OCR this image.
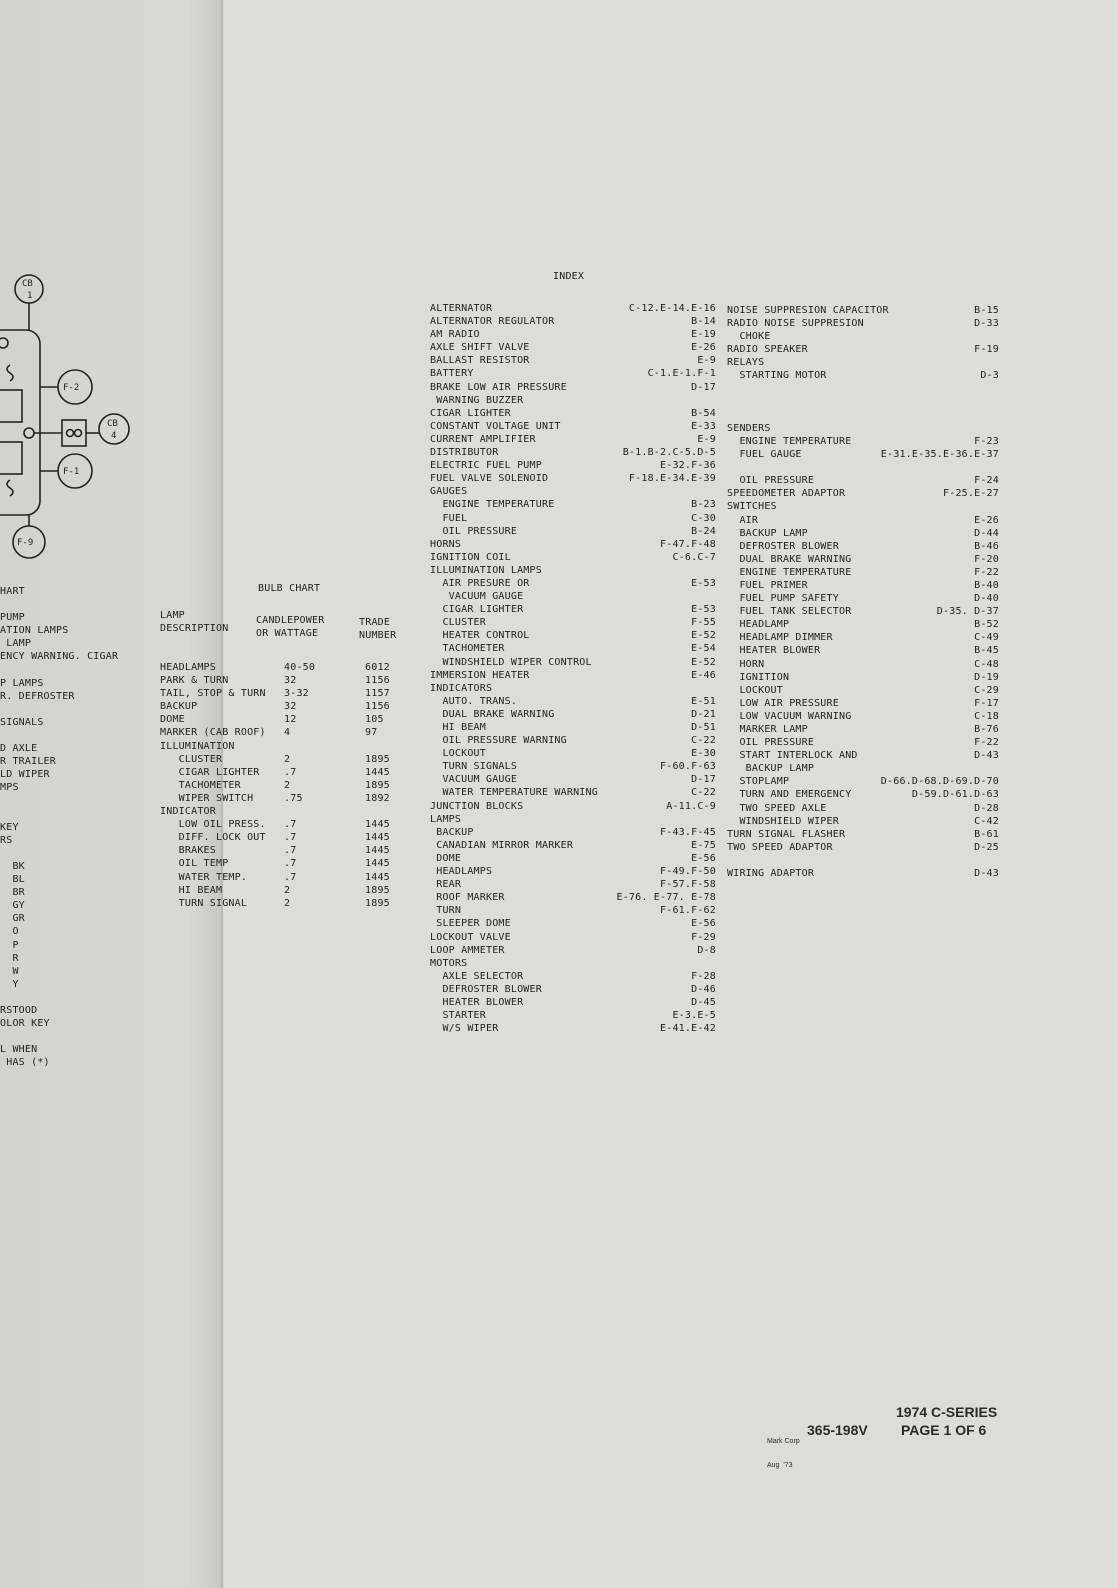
CB
1
CB
4
F-2
F-1
F-9
HART
PUMP
ATION LAMPS
LAMP
ENCY WARNING. CIGAR
P LAMPS
R. DEFROSTER
SIGNALS
D AXLE
R TRAILER
LD WIPER
MPS
KEY
RS
BK
BL
BR
GY
GR
O
P
R
W
Y
RSTOOD
OLOR KEY
L WHEN
HAS (*)
BULB CHART
LAMP
DESCRIPTION
CANDLEPOWER
OR WATTAGE
TRADE
NUMBER
HEADLAMPS	40-50	6012
PARK & TURN	32	1156
TAIL, STOP & TURN 3-32	1157
BACKUP	32	1156
DOME	12	105
MARKER (CAB ROOF) 4	97
ILLUMINATION
CLUSTER	2	1895
CIGAR LIGHTER .7	1445
TACHOMETER	2	1895
WIPER SWITCH	.75	1892
INDICATOR
LOW OIL PRESS. .7	1445
DIFF. LOCK OUT .7	1445
BRAKES	.7	1445
OIL TEMP	.7	1445
WATER TEMP.	.7	1445
HI BEAM	2	1895
TURN SIGNAL	2	1895
INDEX
ALTERNATOR	C-12.E-14.E-16
ALTERNATOR REGULATOR	B-14
AM RADIO	E-19
AXLE SHIFT VALVE	E-26
BALLAST RESISTOR	E-9
BATTERY	C-1.E-1.F-1
BRAKE LOW AIR PRESSURE	D-17
WARNING BUZZER
CIGAR LIGHTER	B-54
CONSTANT VOLTAGE UNIT	E-33
CURRENT AMPLIFIER	E-9
DISTRIBUTOR	B-1.B-2.C-5.D-5
ELECTRIC FUEL PUMP	E-32.F-36
FUEL VALVE SOLENOID	F-18.E-34.E-39
GAUGES
ENGINE TEMPERATURE	B-23
FUEL	C-30
OIL PRESSURE	B-24
HORNS	F-47.F-48
IGNITION COIL	C-6.C-7
ILLUMINATION LAMPS
AIR PRESURE OR	E-53
VACUUM GAUGE
CIGAR LIGHTER	E-53
CLUSTER	F-55
HEATER CONTROL	E-52
TACHOMETER	E-54
WINDSHIELD WIPER CONTROL	E-52
IMMERSION HEATER	E-46
INDICATORS
AUTO. TRANS.	E-51
DUAL BRAKE WARNING	D-21
HI BEAM	D-51
OIL PRESSURE WARNING	C-22
LOCKOUT	E-30
TURN SIGNALS	F-60.F-63
VACUUM GAUGE	D-17
WATER TEMPERATURE WARNING	C-22
JUNCTION BLOCKS	A-11.C-9
LAMPS
BACKUP	F-43.F-45
CANADIAN MIRROR MARKER	E-75
DOME	E-56
HEADLAMPS	F-49.F-50
REAR	F-57.F-58
ROOF MARKER	E-76. E-77. E-78
TURN	F-61.F-62
SLEEPER DOME	E-56
LOCKOUT VALVE	F-29
LOOP AMMETER	D-8
MOTORS
AXLE SELECTOR	F-28
DEFROSTER BLOWER	D-46
HEATER BLOWER	D-45
STARTER	E-3.E-5
W/S WIPER	E-41.E-42
NOISE SUPPRESION CAPACITOR	B-15
RADIO NOISE SUPPRESION	D-33
CHOKE
RADIO SPEAKER	F-19
RELAYS
STARTING MOTOR	D-3
SENDERS
ENGINE TEMPERATURE	F-23
FUEL GAUGE	E-31.E-35.E-36.E-37
OIL PRESSURE	F-24
SPEEDOMETER ADAPTOR	F-25.E-27
SWITCHES
AIR	E-26
BACKUP LAMP	D-44
DEFROSTER BLOWER	B-46
DUAL BRAKE WARNING	F-20
ENGINE TEMPERATURE	F-22
FUEL PRIMER	B-40
FUEL PUMP SAFETY	D-40
FUEL TANK SELECTOR	D-35. D-37
HEADLAMP	B-52
HEADLAMP DIMMER	C-49
HEATER BLOWER	B-45
HORN	C-48
IGNITION	D-19
LOCKOUT	C-29
LOW AIR PRESSURE	F-17
LOW VACUUM WARNING	C-18
MARKER LAMP	B-76
OIL PRESSURE	F-22
START INTERLOCK AND	D-43
BACKUP LAMP
STOPLAMP	D-66.D-68.D-69.D-70
TURN AND EMERGENCY	D-59.D-61.D-63
TWO SPEED AXLE	D-28
WINDSHIELD WIPER	C-42
TURN SIGNAL FLASHER	B-61
TWO SPEED ADAPTOR	D-25
WIRING ADAPTOR	D-43

Mark Corp

Aug  '73

365-198V
1974 C-SERIES
PAGE 1 OF 6
